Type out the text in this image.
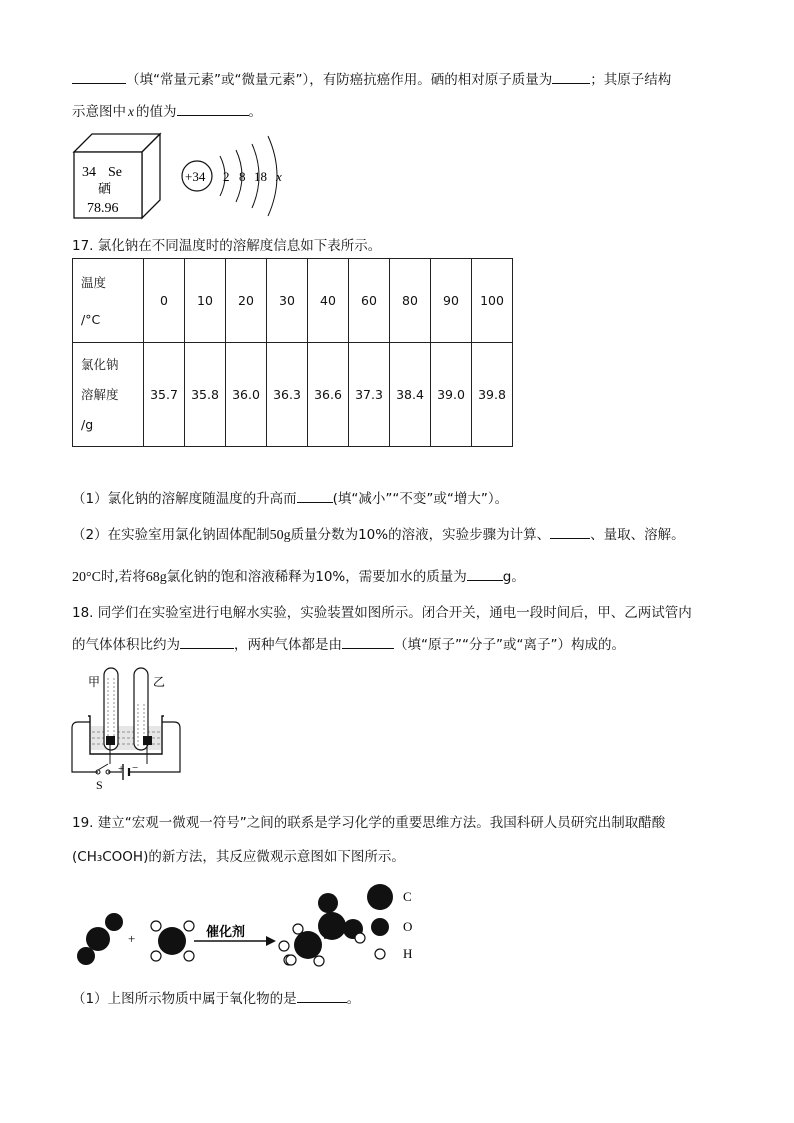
（填“常量元素”或“微量元素”），有防癌抗癌作用。硒的相对原子质量为	；其原子结构
示意图中 x 的值为	。
34 Se
硒
78.96
+34 2 8 18 x
17. 氯化钠在不同温度时的溶解度信息如下表所示。
温度
/°C	0	10	20	30	40	60	80	90	100

氯化钠
溶解度
/g	35.7	35.8	36.0	36.3	36.6	37.3	38.4	39.0	39.8
（1）氯化钠的溶解度随温度的升高而	(填“减小”“不变”或“增大”）。
（2）在实验室用氯化钠固体配制50g质量分数为10%的溶液，实验步骤为计算、	、量取、溶解。
20°C时,若将68g氯化钠的饱和溶液稀释为10%，需要加水的质量为	g。
18. 同学们在实验室进行电解水实验，实验装置如图所示。闭合开关，通电一段时间后，甲、乙两试管内
的气体体积比约为	，两种气体都是由	（填“原子”“分子”或“离子”）构成的。
甲	乙
+ −
S
19. 建立“宏观一微观一符号”之间的联系是学习化学的重要思维方法。我国科研人员研究出制取醋酸
(CH₃COOH)的新方法，其反应微观示意图如下图所示。
+	催化剂
C
O
H
（1）上图所示物质中属于氧化物的是	。
